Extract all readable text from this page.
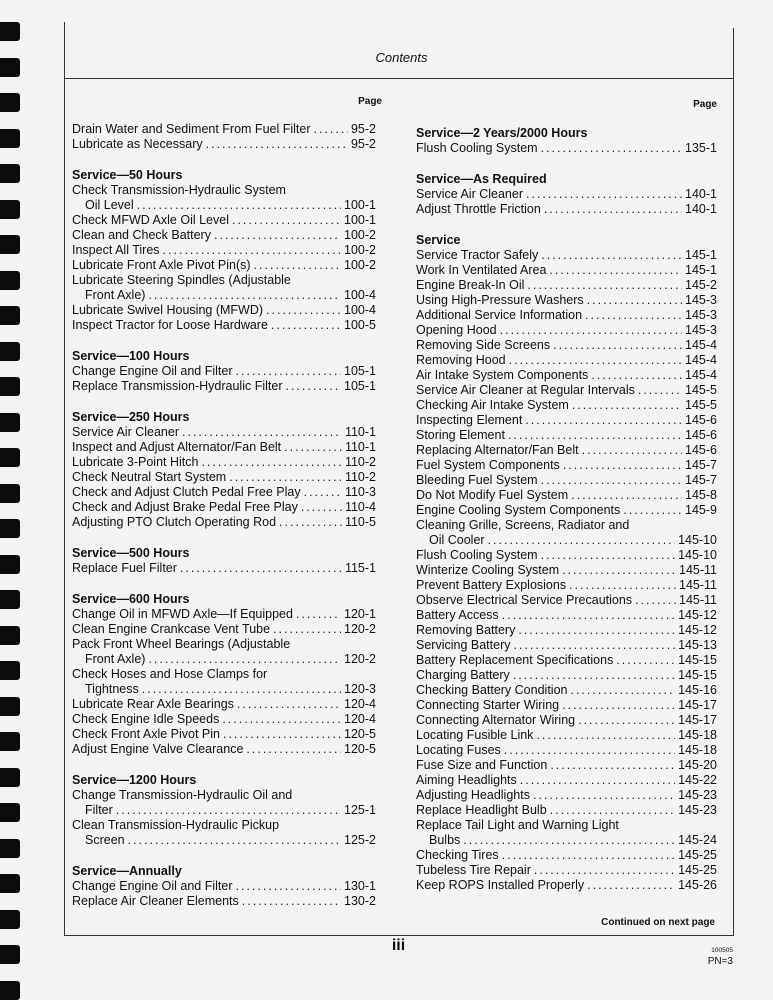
Contents
Page
Drain Water and Sediment From Fuel Filter .....	95-2
Lubricate as Necessary .....	95-2
Service—50 Hours
Check Transmission-Hydraulic System
Oil Level .....	100-1
Check MFWD Axle Oil Level .....	100-1
Clean and Check Battery .....	100-2
Inspect All Tires .....	100-2
Lubricate Front Axle Pivot Pin(s) .....	100-2
Lubricate Steering Spindles (Adjustable
Front Axle) .....	100-4
Lubricate Swivel Housing (MFWD) .....	100-4
Inspect Tractor for Loose Hardware .....	100-5
Service—100 Hours
Change Engine Oil and Filter .....	105-1
Replace Transmission-Hydraulic Filter .....	105-1
Service—250 Hours
Service Air Cleaner .....	110-1
Inspect and Adjust Alternator/Fan Belt .....	110-1
Lubricate 3-Point Hitch .....	110-2
Check Neutral Start System .....	110-2
Check and Adjust Clutch Pedal Free Play .....	110-3
Check and Adjust Brake Pedal Free Play .....	110-4
Adjusting PTO Clutch Operating Rod .....	110-5
Service—500 Hours
Replace Fuel Filter .....	115-1
Service—600 Hours
Change Oil in MFWD Axle—If Equipped .....	120-1
Clean Engine Crankcase Vent Tube .....	120-2
Pack Front Wheel Bearings (Adjustable
Front Axle) .....	120-2
Check Hoses and Hose Clamps for
Tightness .....	120-3
Lubricate Rear Axle Bearings .....	120-4
Check Engine Idle Speeds .....	120-4
Check Front Axle Pivot Pin .....	120-5
Adjust Engine Valve Clearance .....	120-5
Service—1200 Hours
Change Transmission-Hydraulic Oil and
Filter .....	125-1
Clean Transmission-Hydraulic Pickup
Screen .....	125-2
Service—Annually
Change Engine Oil and Filter .....	130-1
Replace Air Cleaner Elements .....	130-2
Page
Service—2 Years/2000 Hours
Flush Cooling System .....	135-1
Service—As Required
Service Air Cleaner .....	140-1
Adjust Throttle Friction .....	140-1
Service
Service Tractor Safely .....	145-1
Work In Ventilated Area .....	145-1
Engine Break-In Oil .....	145-2
Using High-Pressure Washers .....	145-3
Additional Service Information .....	145-3
Opening Hood .....	145-3
Removing Side Screens .....	145-4
Removing Hood .....	145-4
Air Intake System Components .....	145-4
Service Air Cleaner at Regular Intervals .....	145-5
Checking Air Intake System .....	145-5
Inspecting Element .....	145-6
Storing Element .....	145-6
Replacing Alternator/Fan Belt .....	145-6
Fuel System Components .....	145-7
Bleeding Fuel System .....	145-7
Do Not Modify Fuel System .....	145-8
Engine Cooling System Components .....	145-9
Cleaning Grille, Screens, Radiator and
Oil Cooler .....	145-10
Flush Cooling System .....	145-10
Winterize Cooling System .....	145-11
Prevent Battery Explosions .....	145-11
Observe Electrical Service Precautions .....	145-11
Battery Access .....	145-12
Removing Battery .....	145-12
Servicing Battery .....	145-13
Battery Replacement Specifications .....	145-15
Charging Battery .....	145-15
Checking Battery Condition .....	145-16
Connecting Starter Wiring .....	145-17
Connecting Alternator Wiring .....	145-17
Locating Fusible Link .....	145-18
Locating Fuses .....	145-18
Fuse Size and Function .....	145-20
Aiming Headlights .....	145-22
Adjusting Headlights .....	145-23
Replace Headlight Bulb .....	145-23
Replace Tail Light and Warning Light
Bulbs .....	145-24
Checking Tires .....	145-25
Tubeless Tire Repair .....	145-25
Keep ROPS Installed Properly .....	145-26
Continued on next page
iii	100505
PN=3
